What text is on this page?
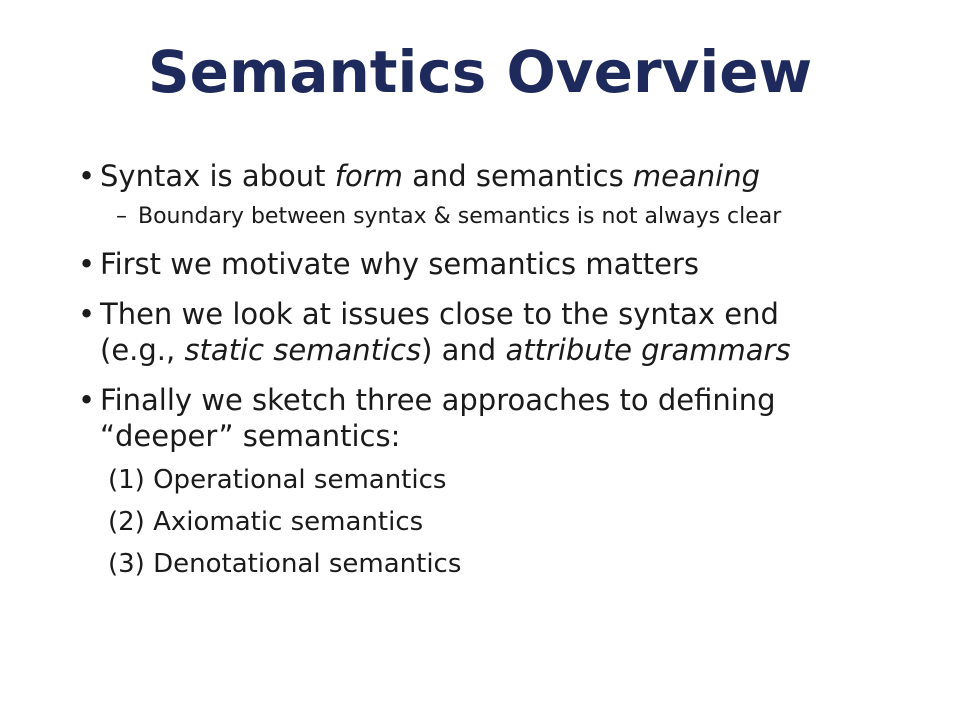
Semantics Overview
• Syntax is about form and semantics meaning
– Boundary between syntax & semantics is not always clear
• First we motivate why semantics matters
• Then we look at issues close to the syntax end
(e.g., static semantics) and attribute grammars
• Finally we sketch three approaches to defining
“deeper” semantics:
(1) Operational semantics
(2) Axiomatic semantics
(3) Denotational semantics
